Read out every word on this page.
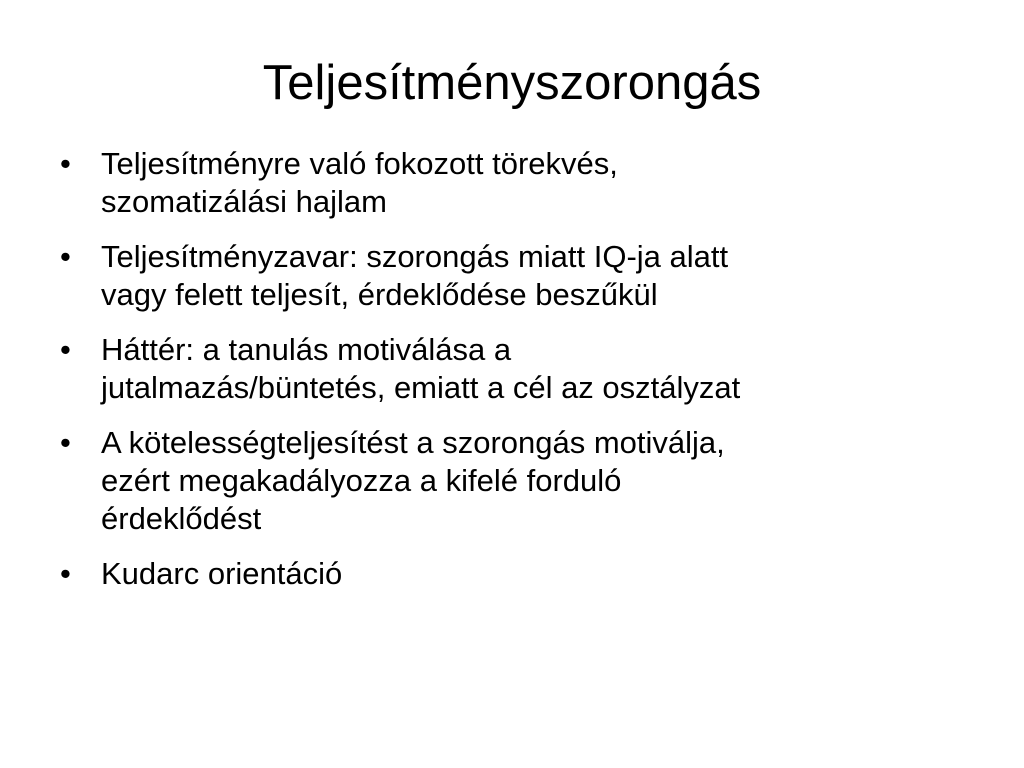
Teljesítményszorongás
• Teljesítményre való fokozott törekvés,
szomatizálási hajlam
• Teljesítményzavar: szorongás miatt IQ-ja alatt
vagy felett teljesít, érdeklődése beszűkül
• Háttér: a tanulás motiválása a
jutalmazás/büntetés, emiatt a cél az osztályzat
• A kötelességteljesítést a szorongás motiválja,
ezért megakadályozza a kifelé forduló
érdeklődést
• Kudarc orientáció
